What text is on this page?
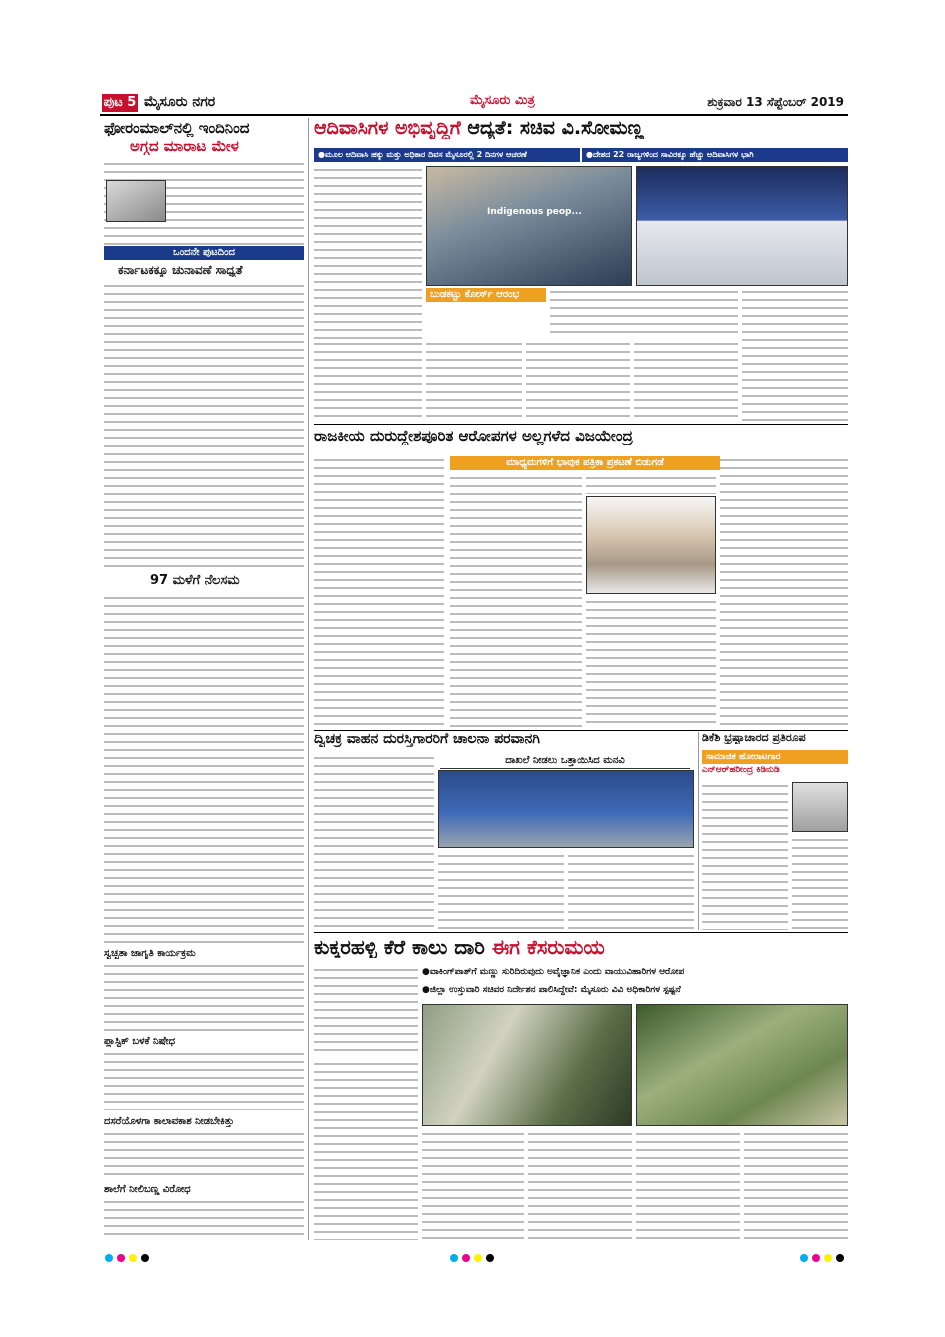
ಪುಟ 5 ಮೈಸೂರು ನಗರ	ಮೈಸೂರು ಮಿತ್ರ	ಶುಕ್ರವಾರ 13 ಸೆಪ್ಟೆಂಬರ್ 2019
ಫೋರಂಮಾಲ್‌ನಲ್ಲಿ ಇಂದಿನಿಂದ
ಅಗ್ಗದ ಮಾರಾಟ ಮೇಳ
ಒಂದನೇ ಪುಟದಿಂದ
ಕರ್ನಾಟಕಕ್ಕೂ ಚುನಾವಣೆ ಸಾಧ್ಯತೆ
97 ಮಳೆಗೆ ನೆಲಸಮ
ಸ್ವಚ್ಛತಾ ಜಾಗೃತಿ ಕಾರ್ಯಕ್ರಮ
ಪ್ಲಾಸ್ಟಿಕ್ ಬಳಕೆ ನಿಷೇಧ
ದಸರೆಯೊಳಗಾ ಕಾಲಾವಕಾಶ ನೀಡಬೇಕಿತ್ತು
ಶಾಲೆಗೆ ನೀಲಿಬಣ್ಣ ವಿರೋಧ
ಆದಿವಾಸಿಗಳ ಅಭಿವೃದ್ಧಿಗೆ ಆದ್ಯತೆ: ಸಚಿವ ವಿ.ಸೋಮಣ್ಣ
●ಮೂಲ ಆದಿವಾಸಿ ಹಕ್ಕು ಮತ್ತು ಅಧಿಕಾರ ದಿವಸ ಮೈಸೂರಲ್ಲಿ 2 ದಿನಗಳ ಆಚರಣೆ	●ದೇಶದ 22 ರಾಜ್ಯಗಳಿಂದ ಸಾವಿರಕ್ಕೂ ಹೆಚ್ಚು ಆದಿವಾಸಿಗಳ ಭಾಗಿ
Indigenous peop...
ಬುಡಕಟ್ಟು ಕೋರ್ಸ್ ಆರಂಭ
ರಾಜಕೀಯ ದುರುದ್ದೇಶಪೂರಿತ ಆರೋಪಗಳ ಅಲ್ಲಗಳೆದ ವಿಜಯೇಂದ್ರ
ಮಾಧ್ಯಮಗಳಿಗೆ ಭಾವುಕ ಪತ್ರಿಕಾ ಪ್ರಕಟಣೆ ಬಿಡುಗಡೆ
ದ್ವಿಚಕ್ರ ವಾಹನ ದುರಸ್ತಿಗಾರರಿಗೆ ಚಾಲನಾ ಪರವಾನಗಿ
ದಾಖಲೆ ನೀಡಲು ಒತ್ತಾಯಿಸಿದ ಮನವಿ
ಡಿಕೆಶಿ ಭ್ರಷ್ಟಾಚಾರದ ಪ್ರತಿರೂಪ
ಸಾಮಾಜಿಕ ಹೋರಾಟಗಾರ
ಎನ್‌ಆರ್‌ಹರೀಂದ್ರ ಕಿಡಿನುಡಿ
ಕುಕ್ಕರಹಳ್ಳಿ ಕೆರೆ ಕಾಲು ದಾರಿ ಈಗ ಕೆಸರುಮಯ
●ವಾಕಿಂಗ್‌ಪಾತ್‌ಗೆ ಮಣ್ಣು ಸುರಿದಿರುವುದು ಅವೈಜ್ಞಾನಿಕ ಎಂದು ವಾಯುವಿಹಾರಿಗಳ ಆರೋಪ
●ಜಿಲ್ಲಾ ಉಸ್ತುವಾರಿ ಸಚಿವರ ನಿರ್ದೇಶನ ಪಾಲಿಸಿದ್ದೇವೆ: ಮೈಸೂರು ವಿವಿ ಅಧಿಕಾರಿಗಳ ಸ್ಪಷ್ಟನೆ
